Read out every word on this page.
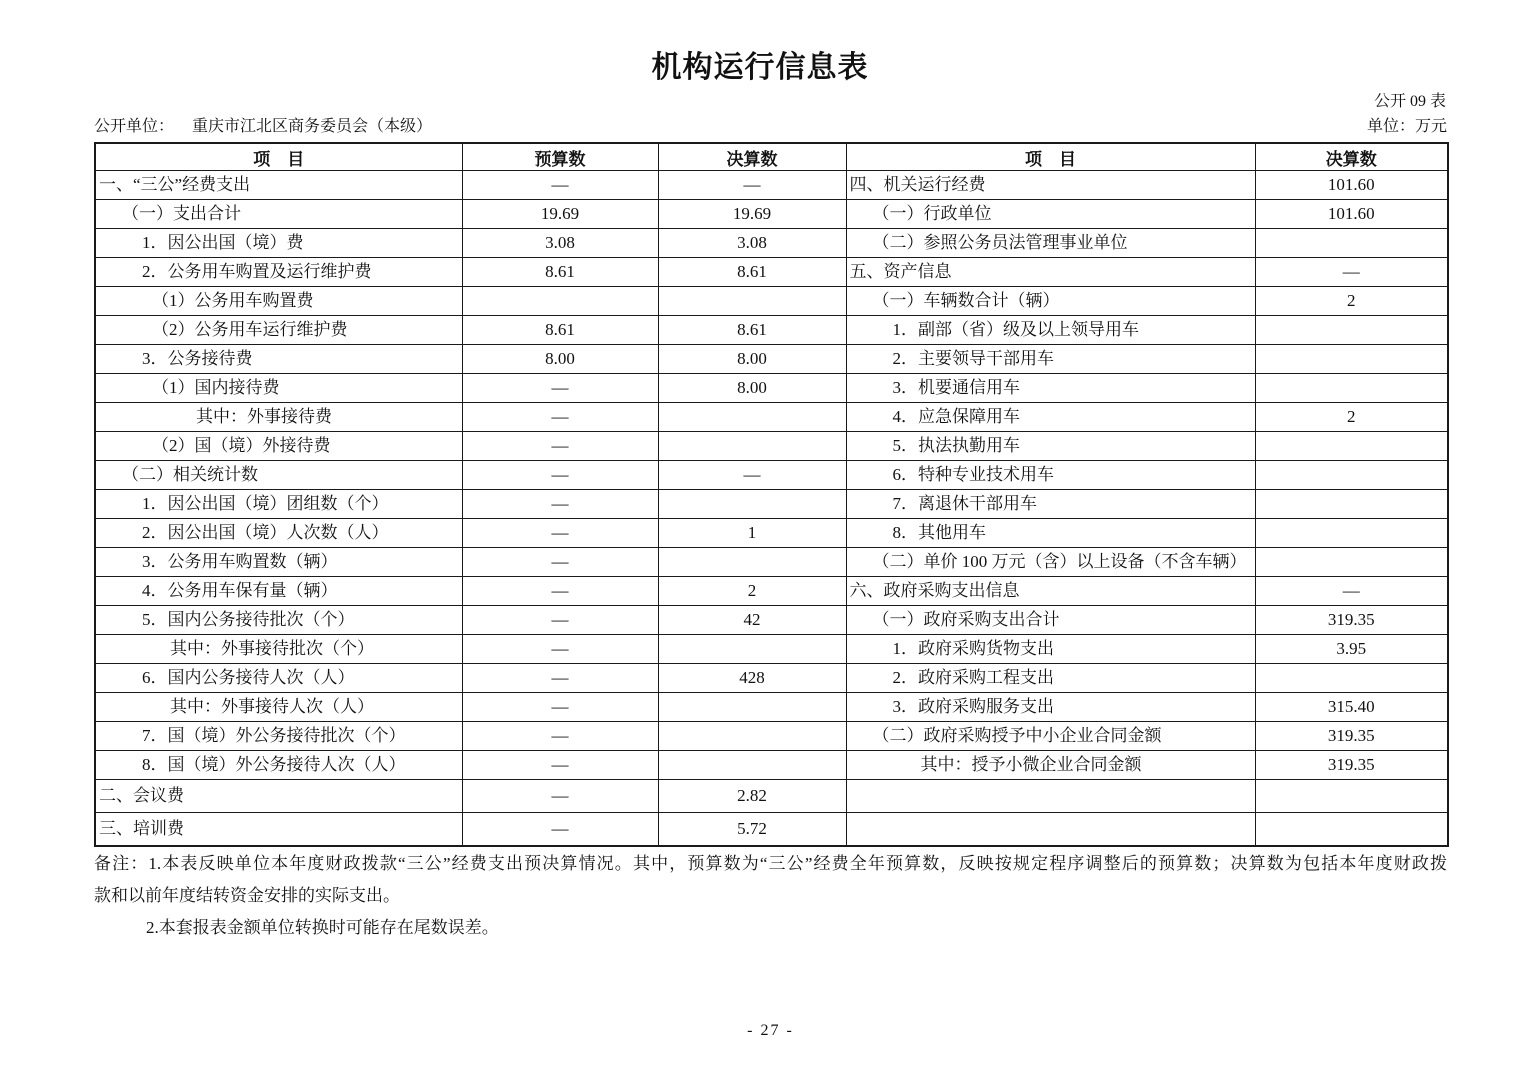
机构运行信息表
公开 09 表
公开单位： 重庆市江北区商务委员会（本级）	单位：万元
项　目	预算数	决算数	项　目	决算数
一、“三公”经费支出	—	—	四、机关运行经费	101.60
（一）支出合计	19.69	19.69	（一）行政单位	101.60
1．因公出国（境）费	3.08	3.08	（二）参照公务员法管理事业单位	
2．公务用车购置及运行维护费	8.61	8.61	五、资产信息	—
（1）公务用车购置费			（一）车辆数合计（辆）	2
（2）公务用车运行维护费	8.61	8.61	1．副部（省）级及以上领导用车	
3．公务接待费	8.00	8.00	2．主要领导干部用车	
（1）国内接待费	—	8.00	3．机要通信用车	
其中：外事接待费	—		4．应急保障用车	2
（2）国（境）外接待费	—		5．执法执勤用车	
（二）相关统计数	—	—	6．特种专业技术用车	
1．因公出国（境）团组数（个）	—		7．离退休干部用车	
2．因公出国（境）人次数（人）	—	1	8．其他用车	
3．公务用车购置数（辆）	—		（二）单价 100 万元（含）以上设备（不含车辆）	
4．公务用车保有量（辆）	—	2	六、政府采购支出信息	—
5．国内公务接待批次（个）	—	42	（一）政府采购支出合计	319.35
其中：外事接待批次（个）	—		1．政府采购货物支出	3.95
6．国内公务接待人次（人）	—	428	2．政府采购工程支出	
其中：外事接待人次（人）	—		3．政府采购服务支出	315.40
7．国（境）外公务接待批次（个）	—		（二）政府采购授予中小企业合同金额	319.35
8．国（境）外公务接待人次（人）	—		其中：授予小微企业合同金额	319.35
二、会议费	—	2.82		
三、培训费	—	5.72		
备注：1.本表反映单位本年度财政拨款“三公”经费支出预决算情况。其中，预算数为“三公”经费全年预算数，反映按规定程序调整后的预算数；决算数为包括本年度财政拨
款和以前年度结转资金安排的实际支出。
2.本套报表金额单位转换时可能存在尾数误差。
- 27 -
